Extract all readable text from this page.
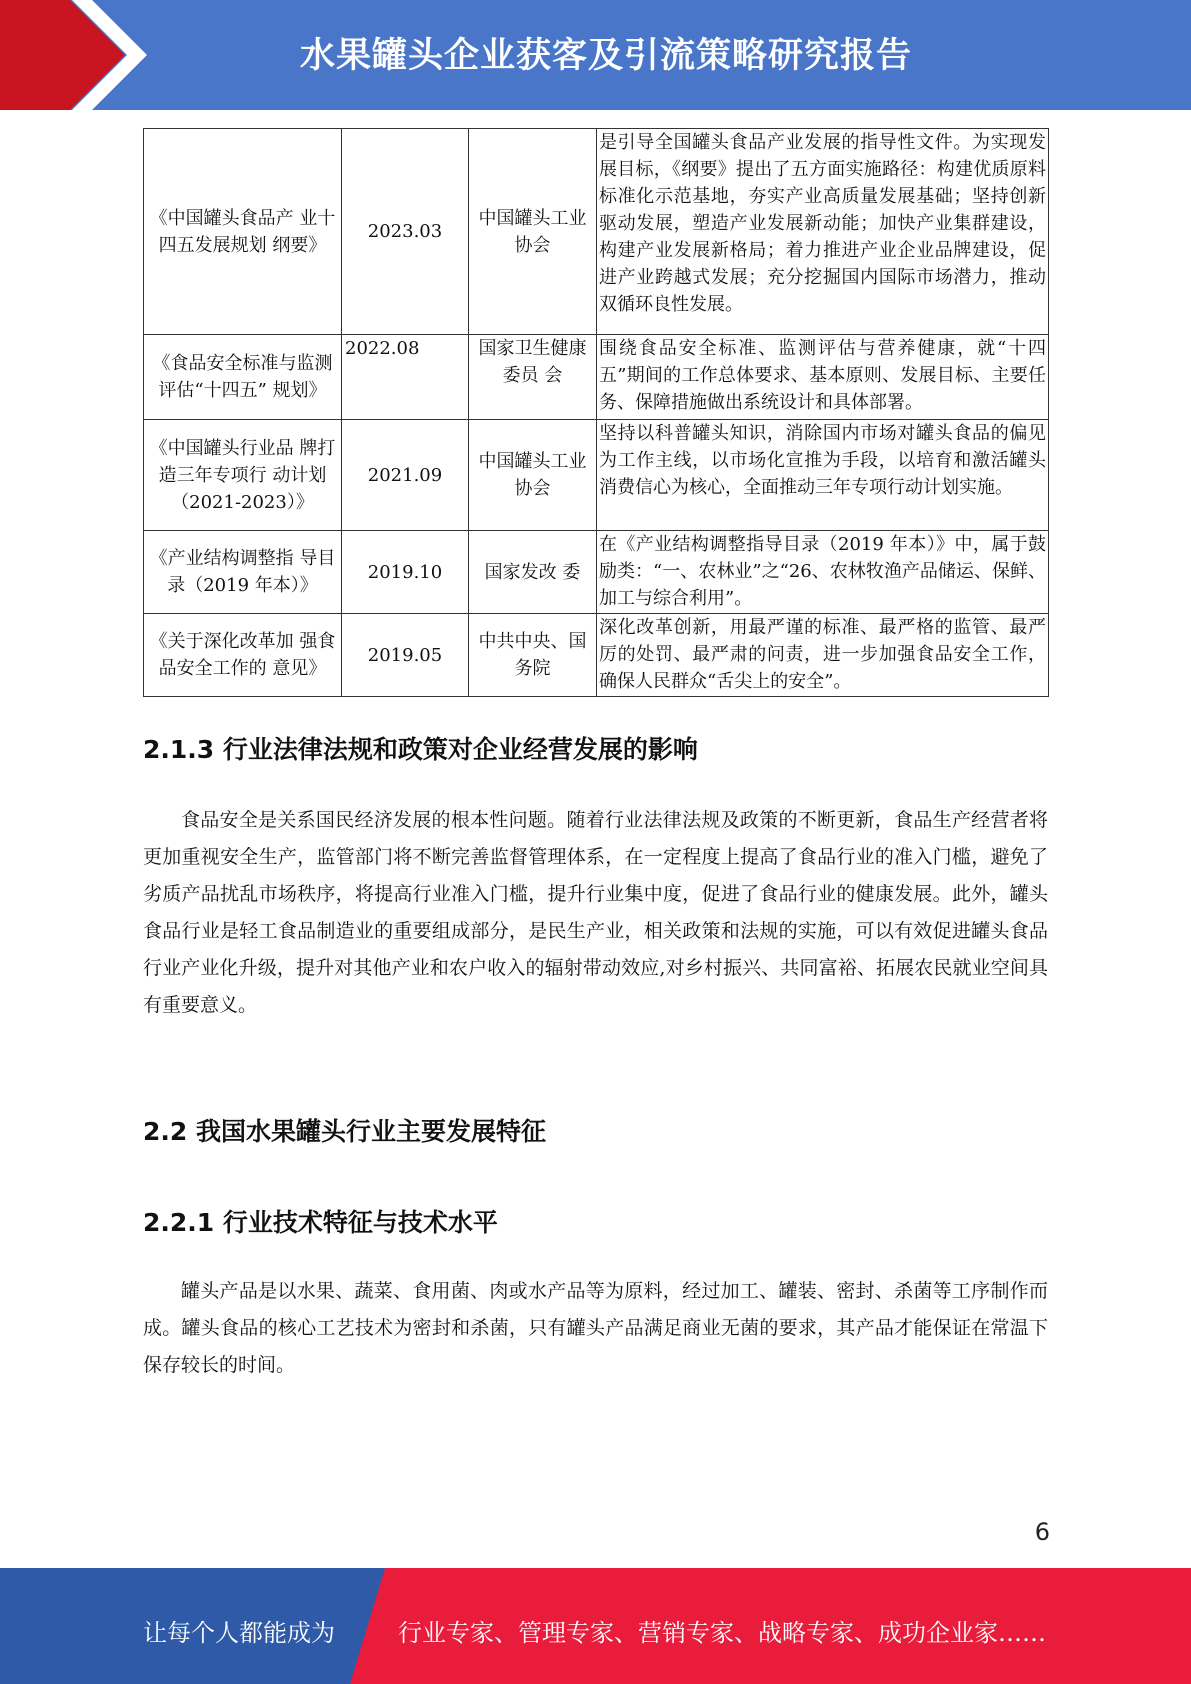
水果罐头企业获客及引流策略研究报告
《中国罐头食品产 业十四五发展规划 纲要》	2023.03	中国罐头工业协会	是引导全国罐头食品产业发展的指导性文件。为实现发展目标，《纲要》提出了五方面实施路径：构建优质原料标准化示范基地，夯实产业高质量发展基础；坚持创新驱动发展，塑造产业发展新动能；加快产业集群建设，构建产业发展新格局；着力推进产业企业品牌建设，促进产业跨越式发展；充分挖掘国内国际市场潜力，推动双循环良性发展。

《食品安全标准与监测评估“十四五” 规划》	2022.08	国家卫生健康委员 会	围绕食品安全标准、监测评估与营养健康，就“十四五”期间的工作总体要求、基本原则、发展目标、主要任务、保障措施做出系统设计和具体部署。

《中国罐头行业品 牌打造三年专项行 动计划（2021-2023）》	2021.09	中国罐头工业协会	坚持以科普罐头知识，消除国内市场对罐头食品的偏见为工作主线，以市场化宣推为手段，以培育和激活罐头消费信心为核心，全面推动三年专项行动计划实施。
《产业结构调整指 导目录（2019 年本）》	2019.10	国家发改 委	在《产业结构调整指导目录（2019 年本）》中，属于鼓励类：“一、农林业”之“26、农林牧渔产品储运、保鲜、加工与综合利用”。
《关于深化改革加 强食品安全工作的 意见》	2019.05	中共中央、国务院	深化改革创新，用最严谨的标准、最严格的监管、最严厉的处罚、最严肃的问责，进一步加强食品安全工作，确保人民群众“舌尖上的安全”。
2.1.3 行业法律法规和政策对企业经营发展的影响
食品安全是关系国民经济发展的根本性问题。随着行业法律法规及政策的不断更新，食品生产经营者将更加重视安全生产，监管部门将不断完善监督管理体系，在一定程度上提高了食品行业的准入门槛，避免了劣质产品扰乱市场秩序，将提高行业准入门槛，提升行业集中度，促进了食品行业的健康发展。此外，罐头食品行业是轻工食品制造业的重要组成部分，是民生产业，相关政策和法规的实施，可以有效促进罐头食品行业产业化升级，提升对其他产业和农户收入的辐射带动效应,对乡村振兴、共同富裕、拓展农民就业空间具有重要意义。
2.2 我国水果罐头行业主要发展特征
2.2.1 行业技术特征与技术水平
罐头产品是以水果、蔬菜、食用菌、肉或水产品等为原料，经过加工、罐装、密封、杀菌等工序制作而成。罐头食品的核心工艺技术为密封和杀菌，只有罐头产品满足商业无菌的要求，其产品才能保证在常温下保存较长的时间。
6
让每个人都能成为	行业专家、管理专家、营销专家、战略专家、成功企业家……
